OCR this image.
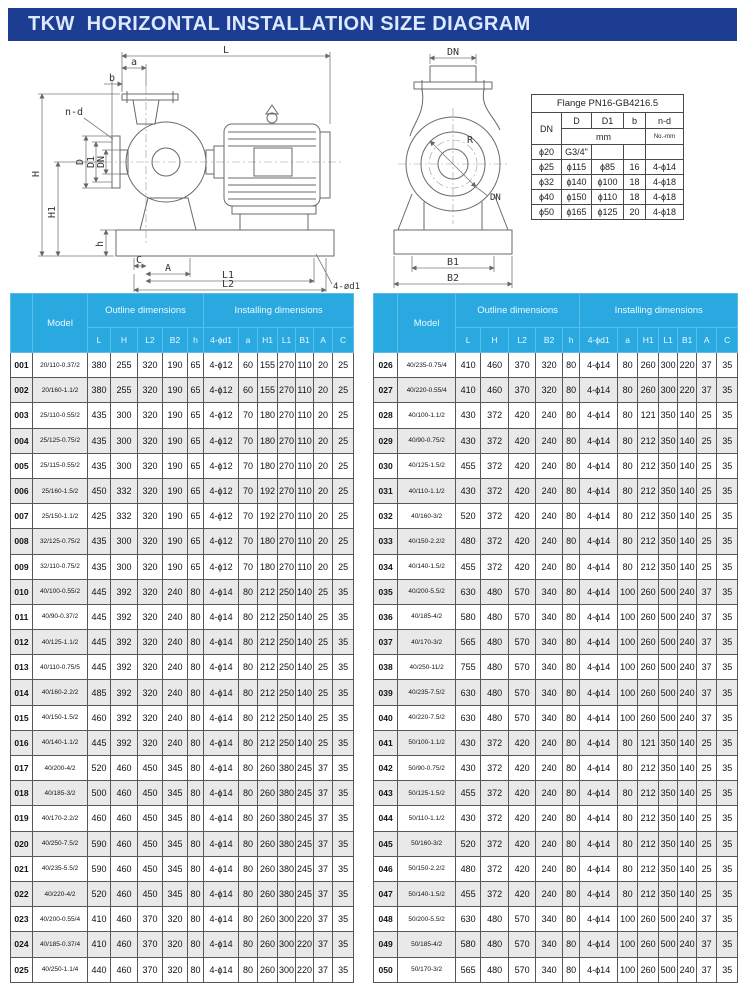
TKW  HORIZONTAL INSTALLATION SIZE DIAGRAM
L
a
b
n-d
D D1 DN
H
H1
h
C
A
L1
L2	4-ød1
DN
R
DN
B1
B2
Flange PN16-GB4216.5				
DN	D	D1	b	n-d
	mm			No.-mm
ϕ20	G3/4"			
ϕ25	ϕ115	ϕ85	16	4-ϕ14
ϕ32	ϕ140	ϕ100	18	4-ϕ18
ϕ40	ϕ150	ϕ110	18	4-ϕ18
ϕ50	ϕ165	ϕ125	20	4-ϕ18
	Model	Outline dimensions					Installing dimensions						
		L	H	L2	B2	h	4-ϕd1	a	H1	L1	B1	A	C
001	20/110-0.37/2	380	255	320	190	65	4-ϕ12	60	155	270	110	20	25
002	20/160-1.1/2	380	255	320	190	65	4-ϕ12	60	155	270	110	20	25
003	25/110-0.55/2	435	300	320	190	65	4-ϕ12	70	180	270	110	20	25
004	25/125-0.75/2	435	300	320	190	65	4-ϕ12	70	180	270	110	20	25
005	25/115-0.55/2	435	300	320	190	65	4-ϕ12	70	180	270	110	20	25
006	25/160-1.5/2	450	332	320	190	65	4-ϕ12	70	192	270	110	20	25
007	25/150-1.1/2	425	332	320	190	65	4-ϕ12	70	192	270	110	20	25
008	32/125-0.75/2	435	300	320	190	65	4-ϕ12	70	180	270	110	20	25
009	32/110-0.75/2	435	300	320	190	65	4-ϕ12	70	180	270	110	20	25
010	40/100-0.55/2	445	392	320	240	80	4-ϕ14	80	212	250	140	25	35
011	40/90-0.37/2	445	392	320	240	80	4-ϕ14	80	212	250	140	25	35
012	40/125-1.1/2	445	392	320	240	80	4-ϕ14	80	212	250	140	25	35
013	40/110-0.75/5	445	392	320	240	80	4-ϕ14	80	212	250	140	25	35
014	40/160-2.2/2	485	392	320	240	80	4-ϕ14	80	212	250	140	25	35
015	40/150-1.5/2	460	392	320	240	80	4-ϕ14	80	212	250	140	25	35
016	40/140-1.1/2	445	392	320	240	80	4-ϕ14	80	212	250	140	25	35
017	40/200-4/2	520	460	450	345	80	4-ϕ14	80	260	380	245	37	35
018	40/185-3/2	500	460	450	345	80	4-ϕ14	80	260	380	245	37	35
019	40/170-2.2/2	460	460	450	345	80	4-ϕ14	80	260	380	245	37	35
020	40/250-7.5/2	590	460	450	345	80	4-ϕ14	80	260	380	245	37	35
021	40/235-5.5/2	590	460	450	345	80	4-ϕ14	80	260	380	245	37	35
022	40/220-4/2	520	460	450	345	80	4-ϕ14	80	260	380	245	37	35
023	40/200-0.55/4	410	460	370	320	80	4-ϕ14	80	260	300	220	37	35
024	40/185-0.37/4	410	460	370	320	80	4-ϕ14	80	260	300	220	37	35
025	40/250-1.1/4	440	460	370	320	80	4-ϕ14	80	260	300	220	37	35
	Model	Outline dimensions					Installing dimensions						
		L	H	L2	B2	h	4-ϕd1	a	H1	L1	B1	A	C
026	40/235-0.75/4	410	460	370	320	80	4-ϕ14	80	260	300	220	37	35
027	40/220-0.55/4	410	460	370	320	80	4-ϕ14	80	260	300	220	37	35
028	40/100-1.1/2	430	372	420	240	80	4-ϕ14	80	121	350	140	25	35
029	40/90-0.75/2	430	372	420	240	80	4-ϕ14	80	212	350	140	25	35
030	40/125-1.5/2	455	372	420	240	80	4-ϕ14	80	212	350	140	25	35
031	40/110-1.1/2	430	372	420	240	80	4-ϕ14	80	212	350	140	25	35
032	40/160-3/2	520	372	420	240	80	4-ϕ14	80	212	350	140	25	35
033	40/150-2.2/2	480	372	420	240	80	4-ϕ14	80	212	350	140	25	35
034	40/140-1.5/2	455	372	420	240	80	4-ϕ14	80	212	350	140	25	35
035	40/200-5.5/2	630	480	570	340	80	4-ϕ14	100	260	500	240	37	35
036	40/185-4/2	580	480	570	340	80	4-ϕ14	100	260	500	240	37	35
037	40/170-3/2	565	480	570	340	80	4-ϕ14	100	260	500	240	37	35
038	40/250-11/2	755	480	570	340	80	4-ϕ14	100	260	500	240	37	35
039	40/235-7.5/2	630	480	570	340	80	4-ϕ14	100	260	500	240	37	35
040	40/220-7.5/2	630	480	570	340	80	4-ϕ14	100	260	500	240	37	35
041	50/100-1.1/2	430	372	420	240	80	4-ϕ14	80	121	350	140	25	35
042	50/90-0.75/2	430	372	420	240	80	4-ϕ14	80	212	350	140	25	35
043	50/125-1.5/2	455	372	420	240	80	4-ϕ14	80	212	350	140	25	35
044	50/110-1.1/2	430	372	420	240	80	4-ϕ14	80	212	350	140	25	35
045	50/160-3/2	520	372	420	240	80	4-ϕ14	80	212	350	140	25	35
046	50/150-2.2/2	480	372	420	240	80	4-ϕ14	80	212	350	140	25	35
047	50/140-1.5/2	455	372	420	240	80	4-ϕ14	80	212	350	140	25	35
048	50/200-5.5/2	630	480	570	340	80	4-ϕ14	100	260	500	240	37	35
049	50/185-4/2	580	480	570	340	80	4-ϕ14	100	260	500	240	37	35
050	50/170-3/2	565	480	570	340	80	4-ϕ14	100	260	500	240	37	35
